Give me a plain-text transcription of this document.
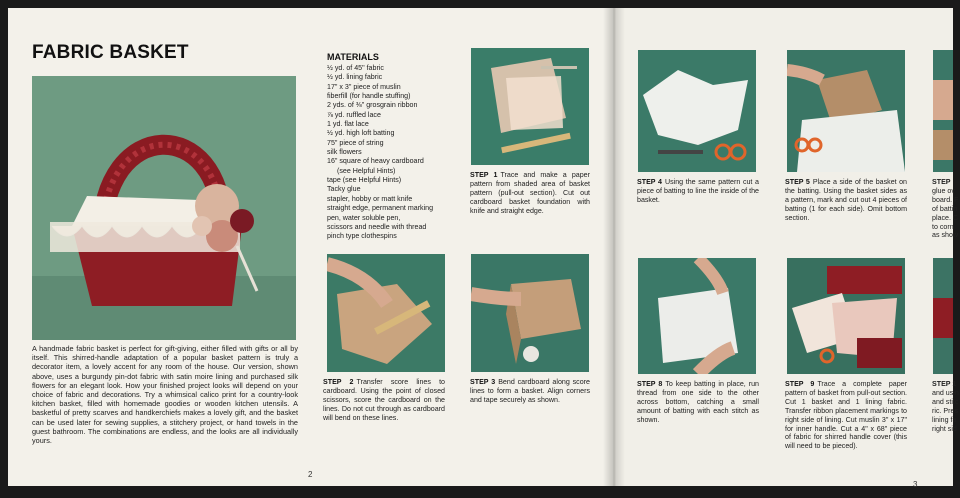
FABRIC BASKET

A handmade fabric basket is perfect for gift-giving, either filled with gifts or all by itself. This shirred-handle adaptation of a popular basket pattern is truly a decorator item, a lovely accent for any room of the house. Our version, shown above, uses a burgundy pin-dot fabric with satin moire lining and purchased silk flowers for an elegant look. How your finished project looks will depend on your choice of fabric and decorations. Try a whimsical calico print for a country-look kitchen basket, filled with homemade goodies or wooden kitchen utensils. A basketful of pretty scarves and handkerchiefs makes a lovely gift, and the basket can be used later for sewing supplies, a stitchery project, or hand towels in the guest bathroom. The combinations are endless, and the looks are all individually yours.

MATERIALS
½ yd. of 45" fabric
½ yd. lining fabric
17" x 3" piece of muslin
fiberfill (for handle stuffing)
2 yds. of ⅜" grosgrain ribbon
⅞ yd. ruffled lace
1 yd. flat lace
½ yd. high loft batting
75" piece of string
silk flowers
16" square of heavy cardboard
(see Helpful Hints)
tape (see Helpful Hints)
Tacky glue
stapler, hobby or matt knife
straight edge, permanent marking
pen, water soluble pen,
scissors and needle with thread
pinch type clothespins

STEP 1 Trace and make a paper pattern from shaded area of basket pattern (pull-out section). Cut out cardboard basket foundation with knife and straight edge.

STEP 2 Transfer score lines to cardboard. Using the point of closed scissors, score the cardboard on the lines. Do not cut through as cardboard will bend on these lines.

STEP 3 Bend cardboard along score lines to form a basket. Align corners and tape securely as shown.

2

STEP 4 Using the same pattern cut a piece of batting to line the inside of the basket.

STEP 5 Place a side of the basket on the batting. Using the basket sides as a pattern, mark and cut out 4 pieces of batting (1 for each side). Omit bottom section.

STEP
glue ov
board. F
of battin
place. C
to corn
as show

STEP 8 To keep batting in place, run thread from one side to the other across bottom, catching a small amount of batting with each stitch as shown.

STEP 9 Trace a complete paper pattern of basket from pull-out section. Cut 1 basket and 1 lining fabric. Transfer ribbon placement markings to right side of lining. Cut muslin 3" x 17" for inner handle. Cut a 4" x 68" piece of fabric for shirred handle cover (this will need to be pieced).

STEP 1
and usin
and stitc
ric. Pres
lining fa
right sid
3
